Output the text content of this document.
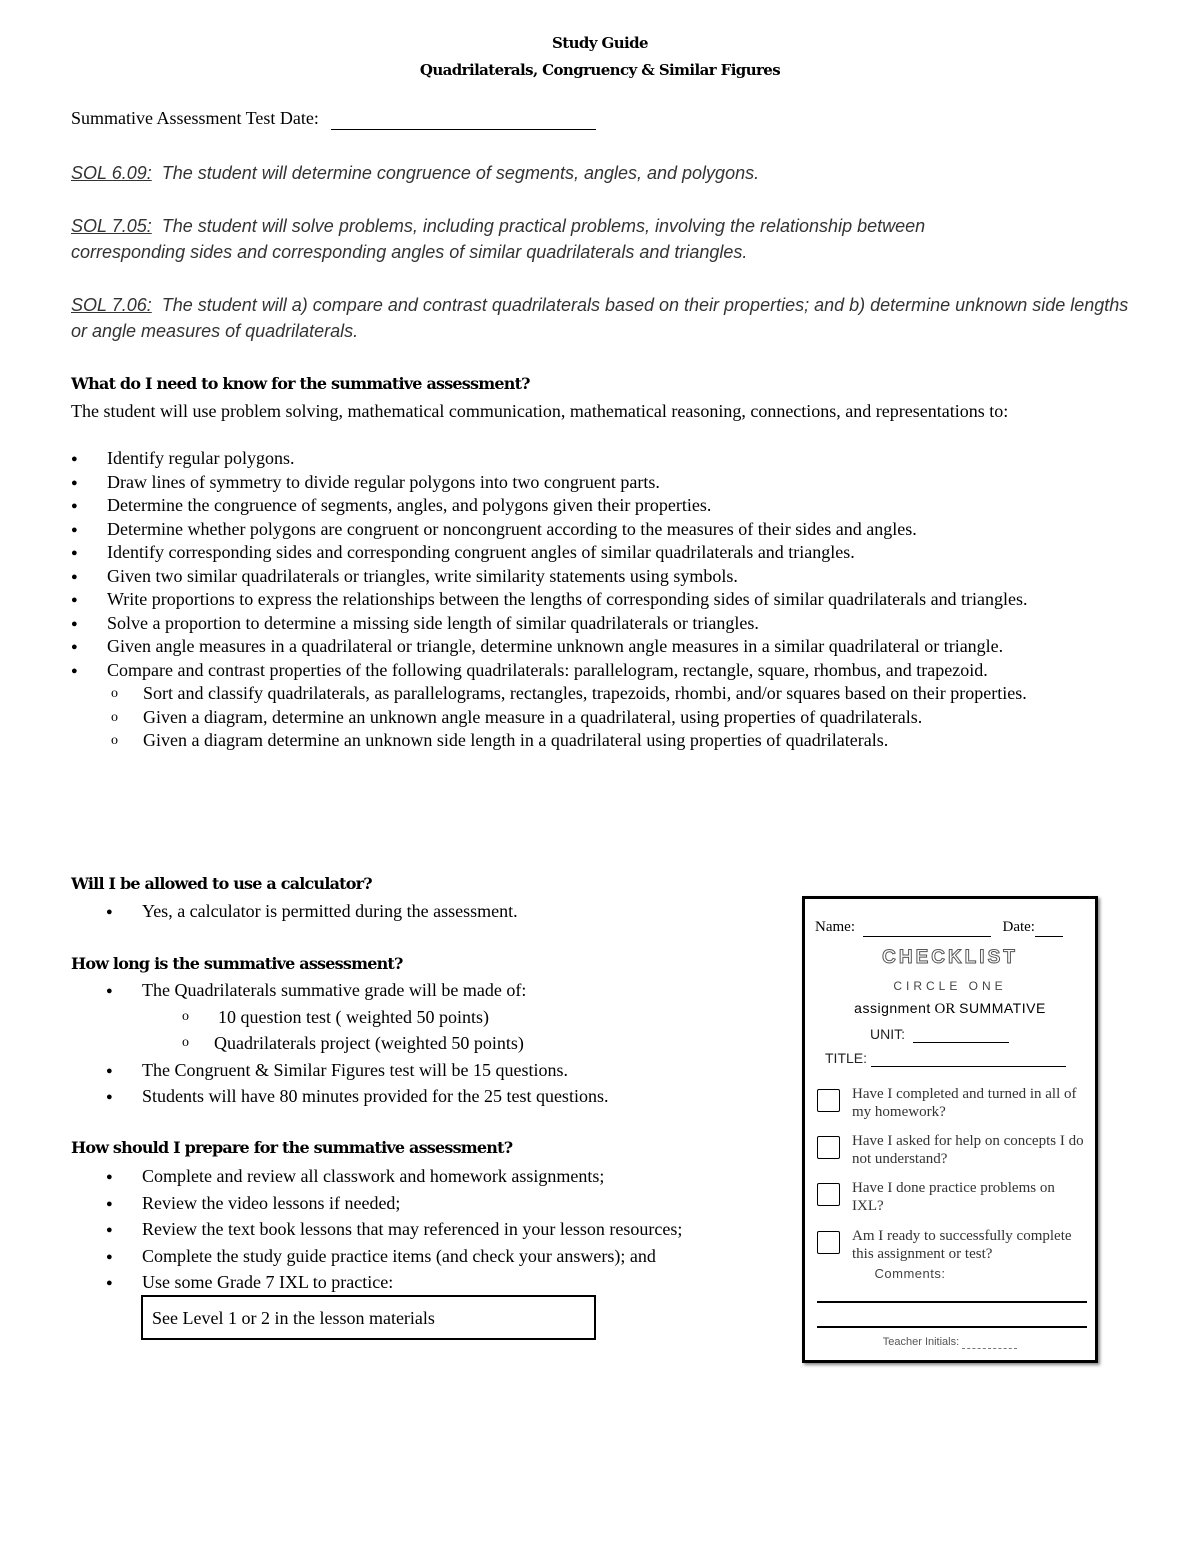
Study Guide
Quadrilaterals, Congruency & Similar Figures
Summative Assessment Test Date:
SOL 6.09: The student will determine congruence of segments, angles, and polygons.
SOL 7.05: The student will solve problems, including practical problems, involving the relationship between corresponding sides and corresponding angles of similar quadrilaterals and triangles.
SOL 7.06: The student will a) compare and contrast quadrilaterals based on their properties; and b) determine unknown side lengths or angle measures of quadrilaterals.
What do I need to know for the summative assessment?
The student will use problem solving, mathematical communication, mathematical reasoning, connections, and representations to:
● Identify regular polygons.
● Draw lines of symmetry to divide regular polygons into two congruent parts.
● Determine the congruence of segments, angles, and polygons given their properties.
● Determine whether polygons are congruent or noncongruent according to the measures of their sides and angles.
● Identify corresponding sides and corresponding congruent angles of similar quadrilaterals and triangles.
● Given two similar quadrilaterals or triangles, write similarity statements using symbols.
● Write proportions to express the relationships between the lengths of corresponding sides of similar quadrilaterals and triangles.
● Solve a proportion to determine a missing side length of similar quadrilaterals or triangles.
● Given angle measures in a quadrilateral or triangle, determine unknown angle measures in a similar quadrilateral or triangle.
● Compare and contrast properties of the following quadrilaterals: parallelogram, rectangle, square, rhombus, and trapezoid.
o Sort and classify quadrilaterals, as parallelograms, rectangles, trapezoids, rhombi, and/or squares based on their properties.
o Given a diagram, determine an unknown angle measure in a quadrilateral, using properties of quadrilaterals.
o Given a diagram determine an unknown side length in a quadrilateral using properties of quadrilaterals.
Will I be allowed to use a calculator?
● Yes, a calculator is permitted during the assessment.
How long is the summative assessment?
● The Quadrilaterals summative grade will be made of:
o 10 question test ( weighted 50 points)
o Quadrilaterals project (weighted 50 points)
● The Congruent & Similar Figures test will be 15 questions.
● Students will have 80 minutes provided for the 25 test questions.
How should I prepare for the summative assessment?
● Complete and review all classwork and homework assignments;
● Review the video lessons if needed;
● Review the text book lessons that may referenced in your lesson resources;
● Complete the study guide practice items (and check your answers); and
● Use some Grade 7 IXL to practice:
See Level 1 or 2 in the lesson materials
Name:	Date:
CHECKLIST
CIRCLE ONE
assignment OR SUMMATIVE
UNIT:
TITLE:
Have I completed and turned in all of my homework?
Have I asked for help on concepts I do not understand?
Have I done practice problems on IXL?
Am I ready to successfully complete this assignment or test?
Comments:
Teacher Initials:
